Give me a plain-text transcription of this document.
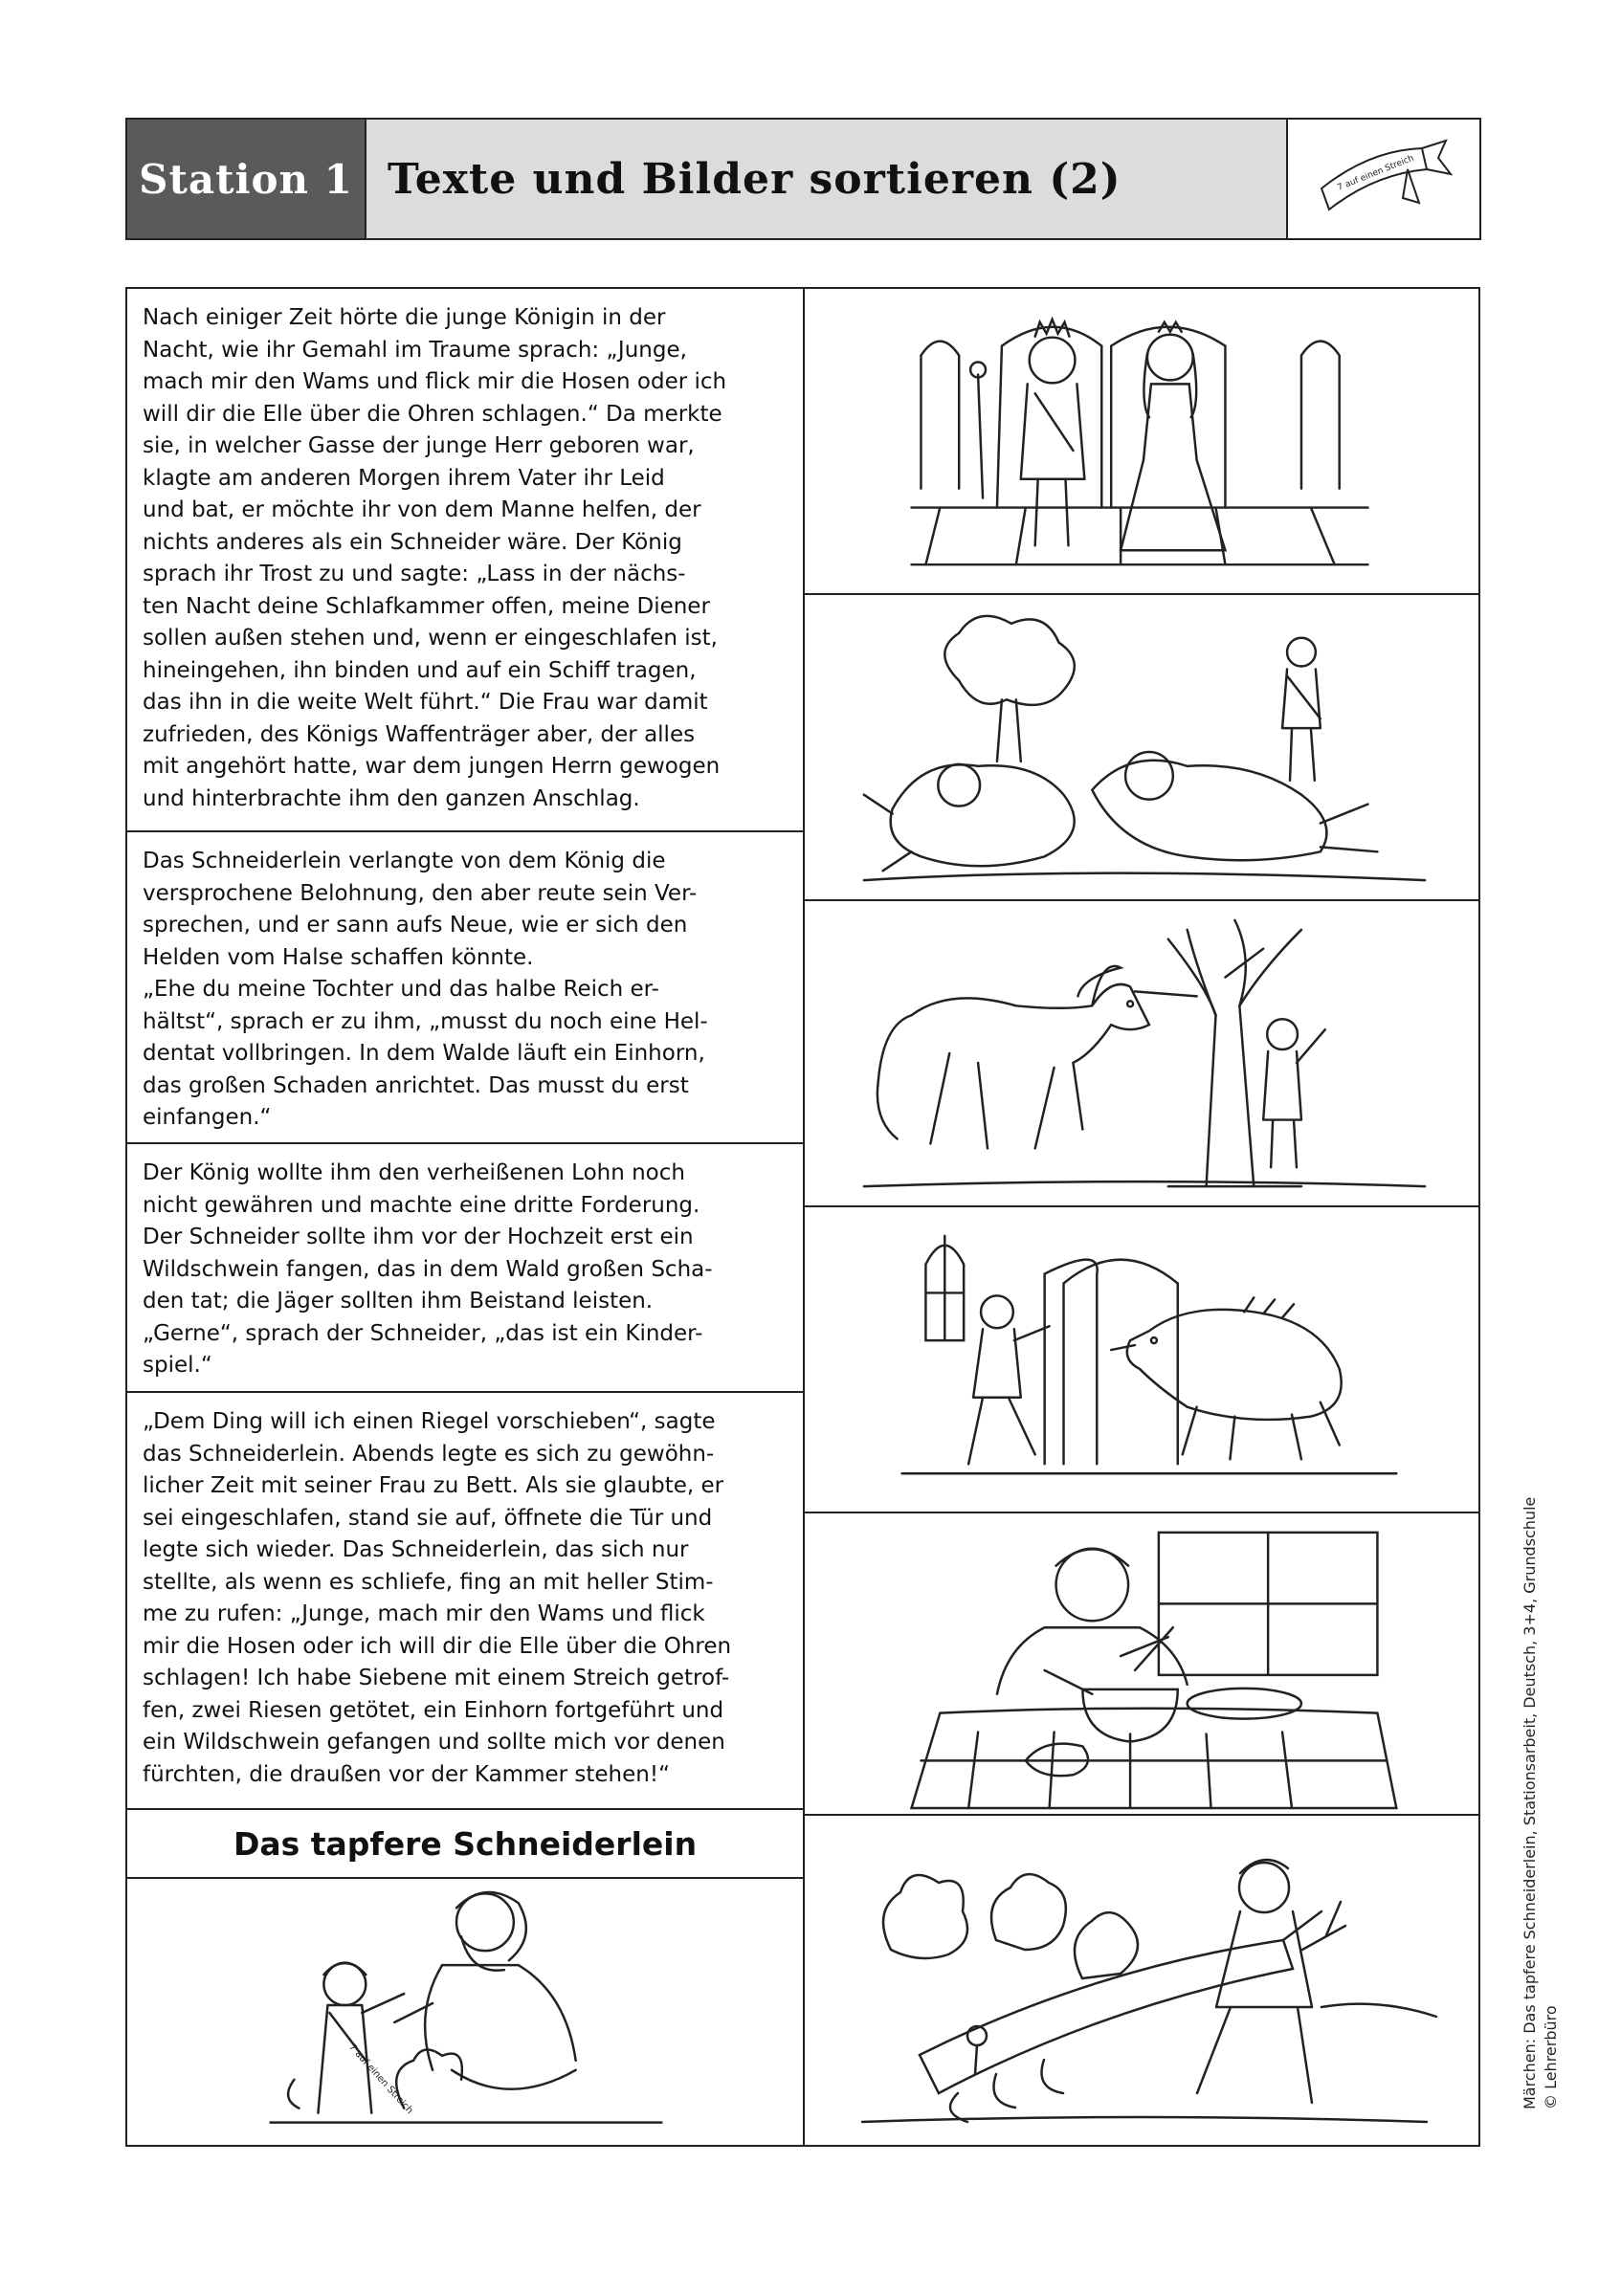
Station 1 Texte und Bilder sortieren (2)	7 auf einen Streich

Nach einiger Zeit hörte die junge Königin in der
Nacht, wie ihr Gemahl im Traume sprach: „Junge,
mach mir den Wams und flick mir die Hosen oder ich
will dir die Elle über die Ohren schlagen.“ Da merkte
sie, in welcher Gasse der junge Herr geboren war,
klagte am anderen Morgen ihrem Vater ihr Leid
und bat, er möchte ihr von dem Manne helfen, der
nichts anderes als ein Schneider wäre. Der König
sprach ihr Trost zu und sagte: „Lass in der nächs-
ten Nacht deine Schlafkammer offen, meine Diener
sollen außen stehen und, wenn er eingeschlafen ist,
hineingehen, ihn binden und auf ein Schiff tragen,
das ihn in die weite Welt führt.“ Die Frau war damit
zufrieden, des Königs Waffenträger aber, der alles
mit angehört hatte, war dem jungen Herrn gewogen
und hinterbrachte ihm den ganzen Anschlag.

Das Schneiderlein verlangte von dem König die
versprochene Belohnung, den aber reute sein Ver-
sprechen, und er sann aufs Neue, wie er sich den
Helden vom Halse schaffen könnte.
„Ehe du meine Tochter und das halbe Reich er-
hältst“, sprach er zu ihm, „musst du noch eine Hel-
dentat vollbringen. In dem Walde läuft ein Einhorn,
das großen Schaden anrichtet. Das musst du erst
einfangen.“

Der König wollte ihm den verheißenen Lohn noch
nicht gewähren und machte eine dritte Forderung.
Der Schneider sollte ihm vor der Hochzeit erst ein
Wildschwein fangen, das in dem Wald großen Scha-
den tat; die Jäger sollten ihm Beistand leisten.
„Gerne“, sprach der Schneider, „das ist ein Kinder-
spiel.“

„Dem Ding will ich einen Riegel vorschieben“, sagte
das Schneiderlein. Abends legte es sich zu gewöhn-
licher Zeit mit seiner Frau zu Bett. Als sie glaubte, er
sei eingeschlafen, stand sie auf, öffnete die Tür und
legte sich wieder. Das Schneiderlein, das sich nur
stellte, als wenn es schliefe, fing an mit heller Stim-
me zu rufen: „Junge, mach mir den Wams und flick
mir die Hosen oder ich will dir die Elle über die Ohren
schlagen! Ich habe Siebene mit einem Streich getrof-
fen, zwei Riesen getötet, ein Einhorn fortgeführt und
ein Wildschwein gefangen und sollte mich vor denen
fürchten, die draußen vor der Kammer stehen!“

Das tapfere Schneiderlein
7 auf einen Streich	Märchen: Das tapfere Schneiderlein, Stationsarbeit, Deutsch, 3+4, Grundschule © Lehrerbüro
